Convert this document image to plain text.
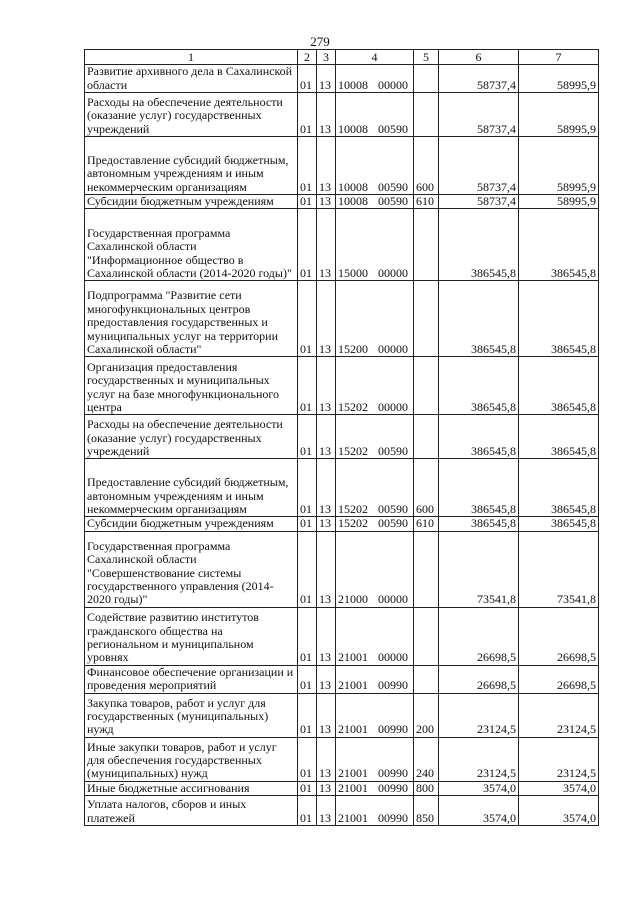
279
1	2	3	4	5	6	7
Развитие архивного дела в Сахалинской области	01	13	10008 00000		58737,4	58995,9
Расходы на обеспечение деятельности (оказание услуг) государственных учреждений	01	13	10008 00590		58737,4	58995,9
Предоставление субсидий бюджетным, автономным учреждениям и иным некоммерческим организациям	01	13	10008 00590	600	58737,4	58995,9
Субсидии бюджетным учреждениям	01	13	10008 00590	610	58737,4	58995,9
Государственная программа Сахалинской области "Информационное общество в Сахалинской области (2014-2020 годы)"	01	13	15000 00000		386545,8	386545,8
Подпрограмма "Развитие сети многофункциональных центров предоставления государственных и муниципальных услуг на территории Сахалинской области"	01	13	15200 00000		386545,8	386545,8
Организация предоставления государственных и муниципальных услуг на базе многофункционального центра	01	13	15202 00000		386545,8	386545,8
Расходы на обеспечение деятельности (оказание услуг) государственных учреждений	01	13	15202 00590		386545,8	386545,8
Предоставление субсидий бюджетным, автономным учреждениям и иным некоммерческим организациям	01	13	15202 00590	600	386545,8	386545,8
Субсидии бюджетным учреждениям	01	13	15202 00590	610	386545,8	386545,8
Государственная программа Сахалинской области "Совершенствование системы государственного управления (2014-2020 годы)"	01	13	21000 00000		73541,8	73541,8
Содействие развитию институтов гражданского общества на региональном и муниципальном уровнях	01	13	21001 00000		26698,5	26698,5
Финансовое обеспечение организации и проведения мероприятий	01	13	21001 00990		26698,5	26698,5
Закупка товаров, работ и услуг для государственных (муниципальных) нужд	01	13	21001 00990	200	23124,5	23124,5
Иные закупки товаров, работ и услуг для обеспечения государственных (муниципальных) нужд	01	13	21001 00990	240	23124,5	23124,5
Иные бюджетные ассигнования	01	13	21001 00990	800	3574,0	3574,0
Уплата налогов, сборов и иных платежей	01	13	21001 00990	850	3574,0	3574,0
